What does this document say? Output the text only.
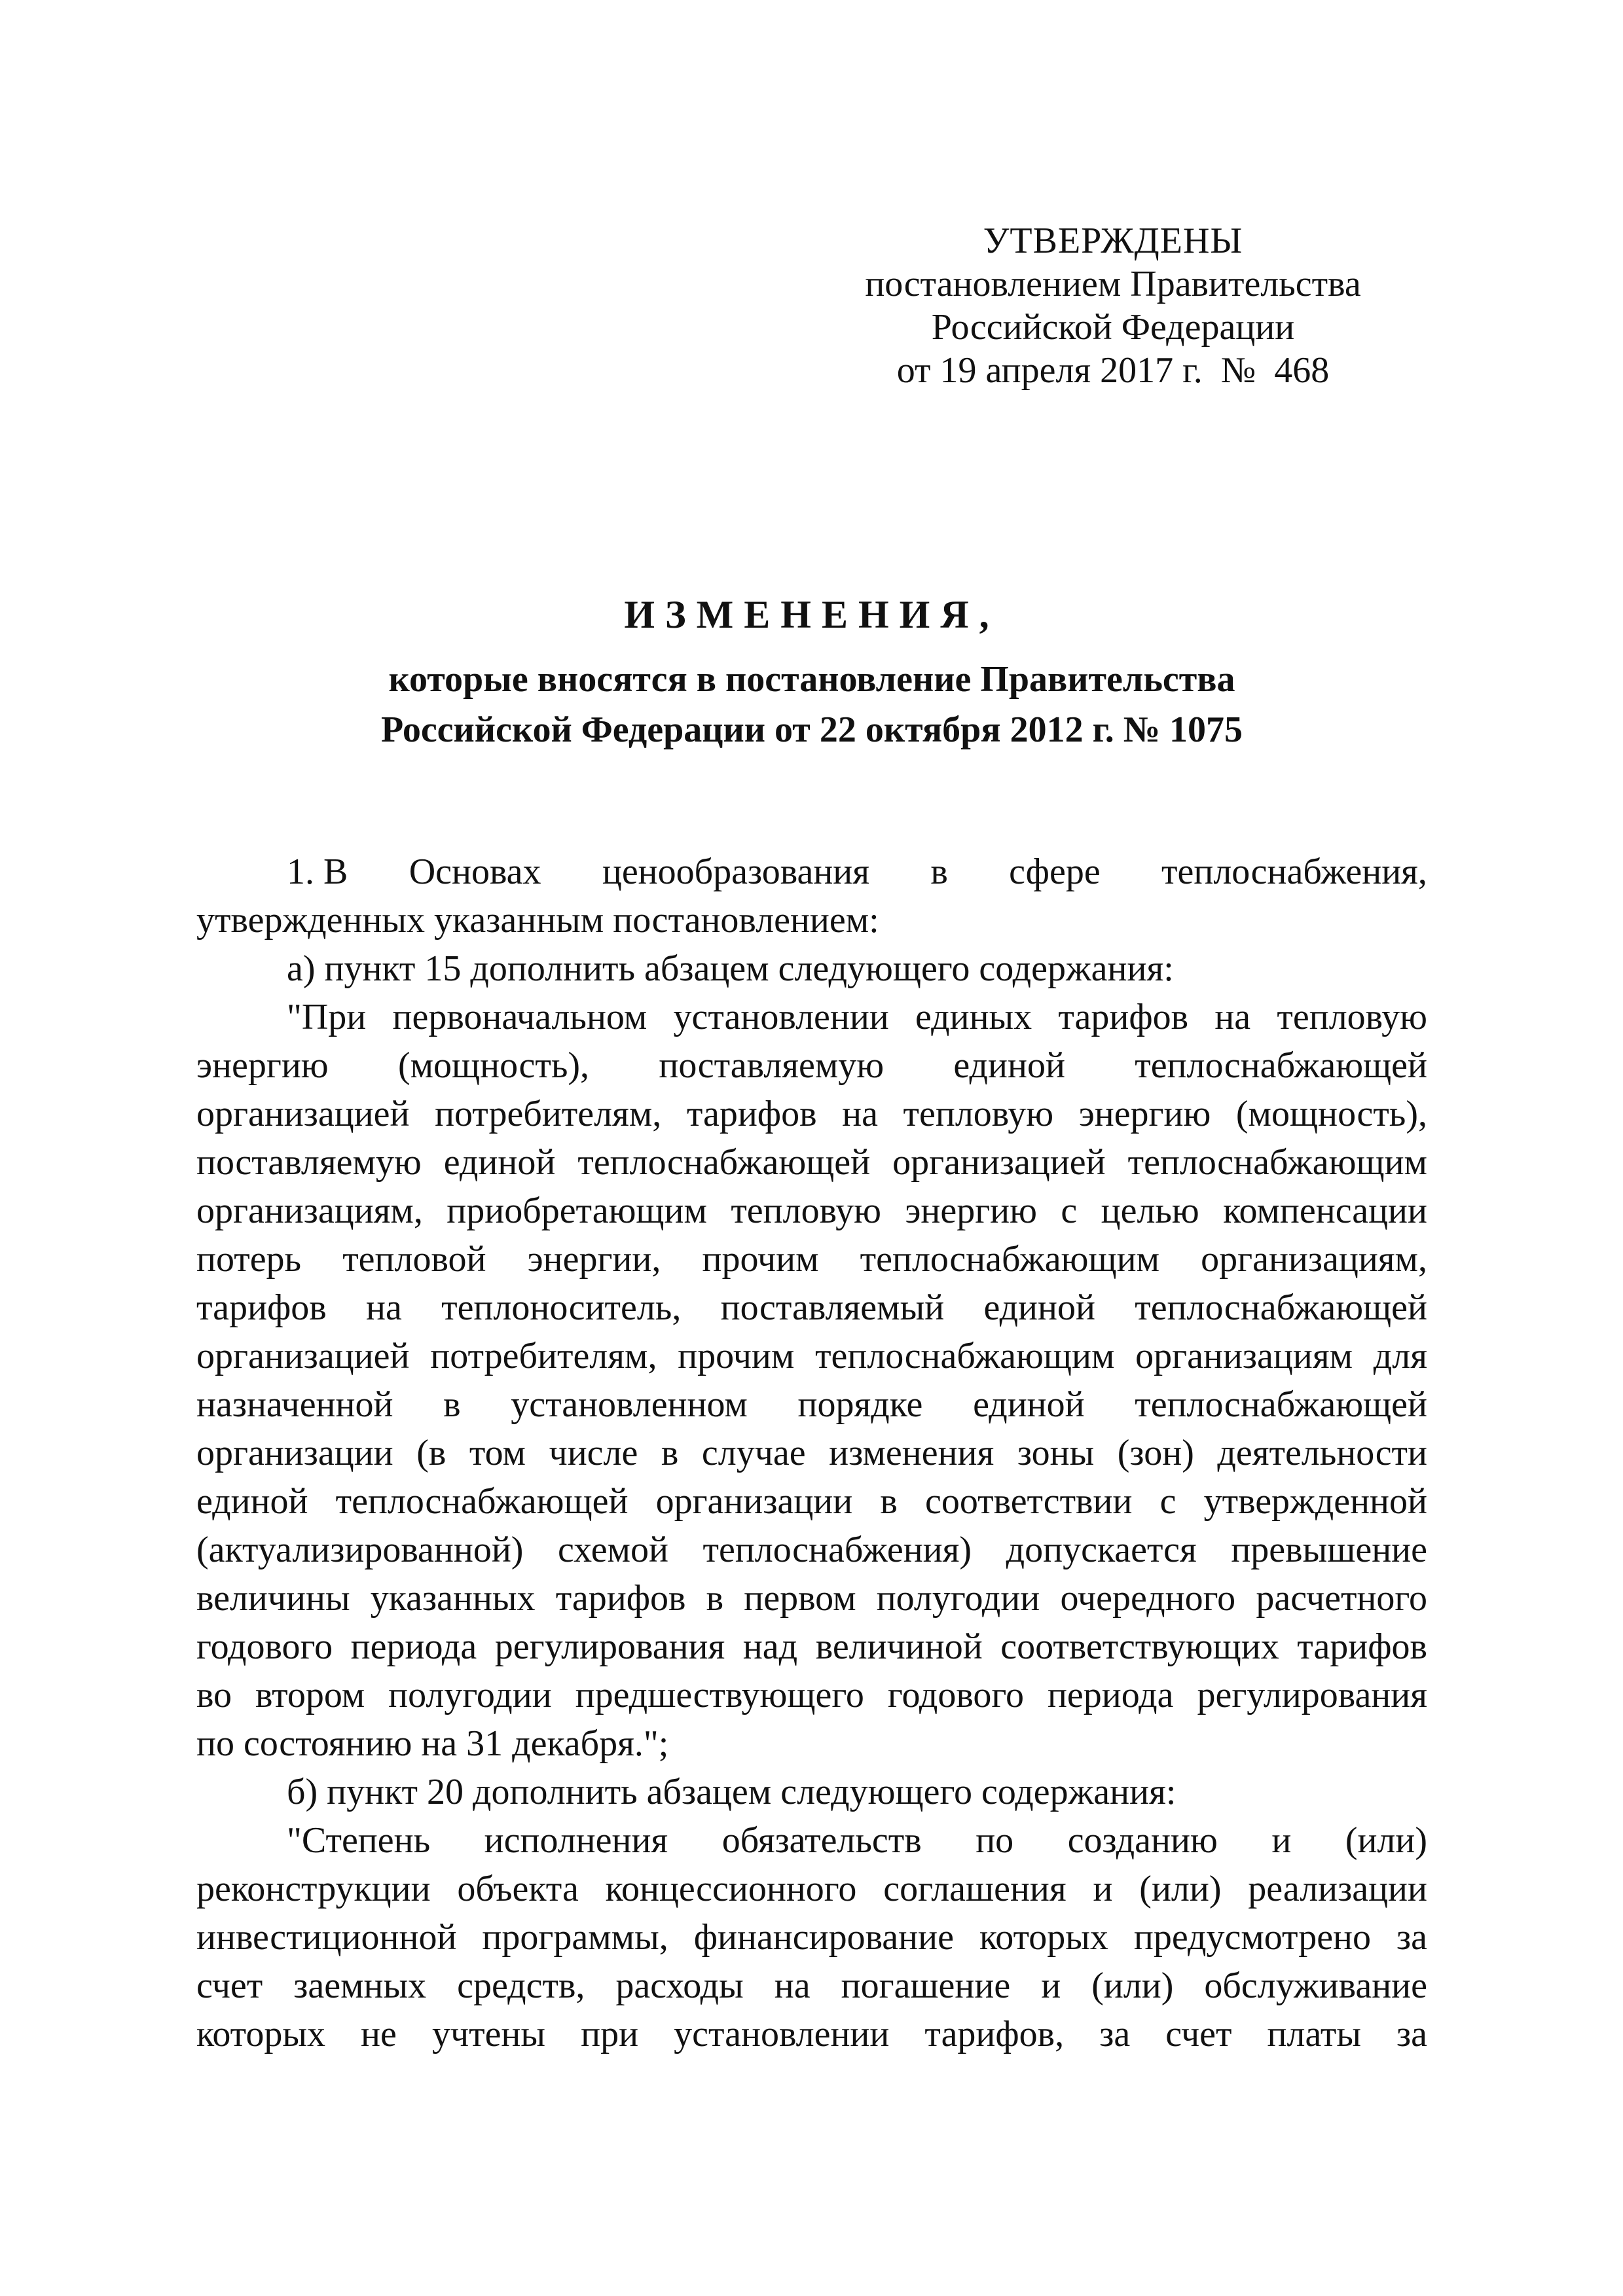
УТВЕРЖДЕНЫ
постановлением Правительства
Российской Федерации
от 19 апреля 2017 г.  №  468
ИЗМЕНЕНИЯ,
которые вносятся в постановление Правительства
Российской Федерации от 22 октября 2012 г. № 1075
1. В Основах ценообразования в сфере теплоснабжения,
утвержденных указанным постановлением:
а) пункт 15 дополнить абзацем следующего содержания:
"При первоначальном установлении единых тарифов на тепловую
энергию (мощность), поставляемую единой теплоснабжающей
организацией потребителям, тарифов на тепловую энергию (мощность),
поставляемую единой теплоснабжающей организацией теплоснабжающим
организациям, приобретающим тепловую энергию с целью компенсации
потерь тепловой энергии, прочим теплоснабжающим организациям,
тарифов на теплоноситель, поставляемый единой теплоснабжающей
организацией потребителям, прочим теплоснабжающим организациям для
назначенной в установленном порядке единой теплоснабжающей
организации (в том числе в случае изменения зоны (зон) деятельности
единой теплоснабжающей организации в соответствии с утвержденной
(актуализированной) схемой теплоснабжения) допускается превышение
величины указанных тарифов в первом полугодии очередного расчетного
годового периода регулирования над величиной соответствующих тарифов
во втором полугодии предшествующего годового периода регулирования
по состоянию на 31 декабря.";
б) пункт 20 дополнить абзацем следующего содержания:
"Степень исполнения обязательств по созданию и (или)
реконструкции объекта концессионного соглашения и (или) реализации
инвестиционной программы, финансирование которых предусмотрено за
счет заемных средств, расходы на погашение и (или) обслуживание
которых не учтены при установлении тарифов, за счет платы за
